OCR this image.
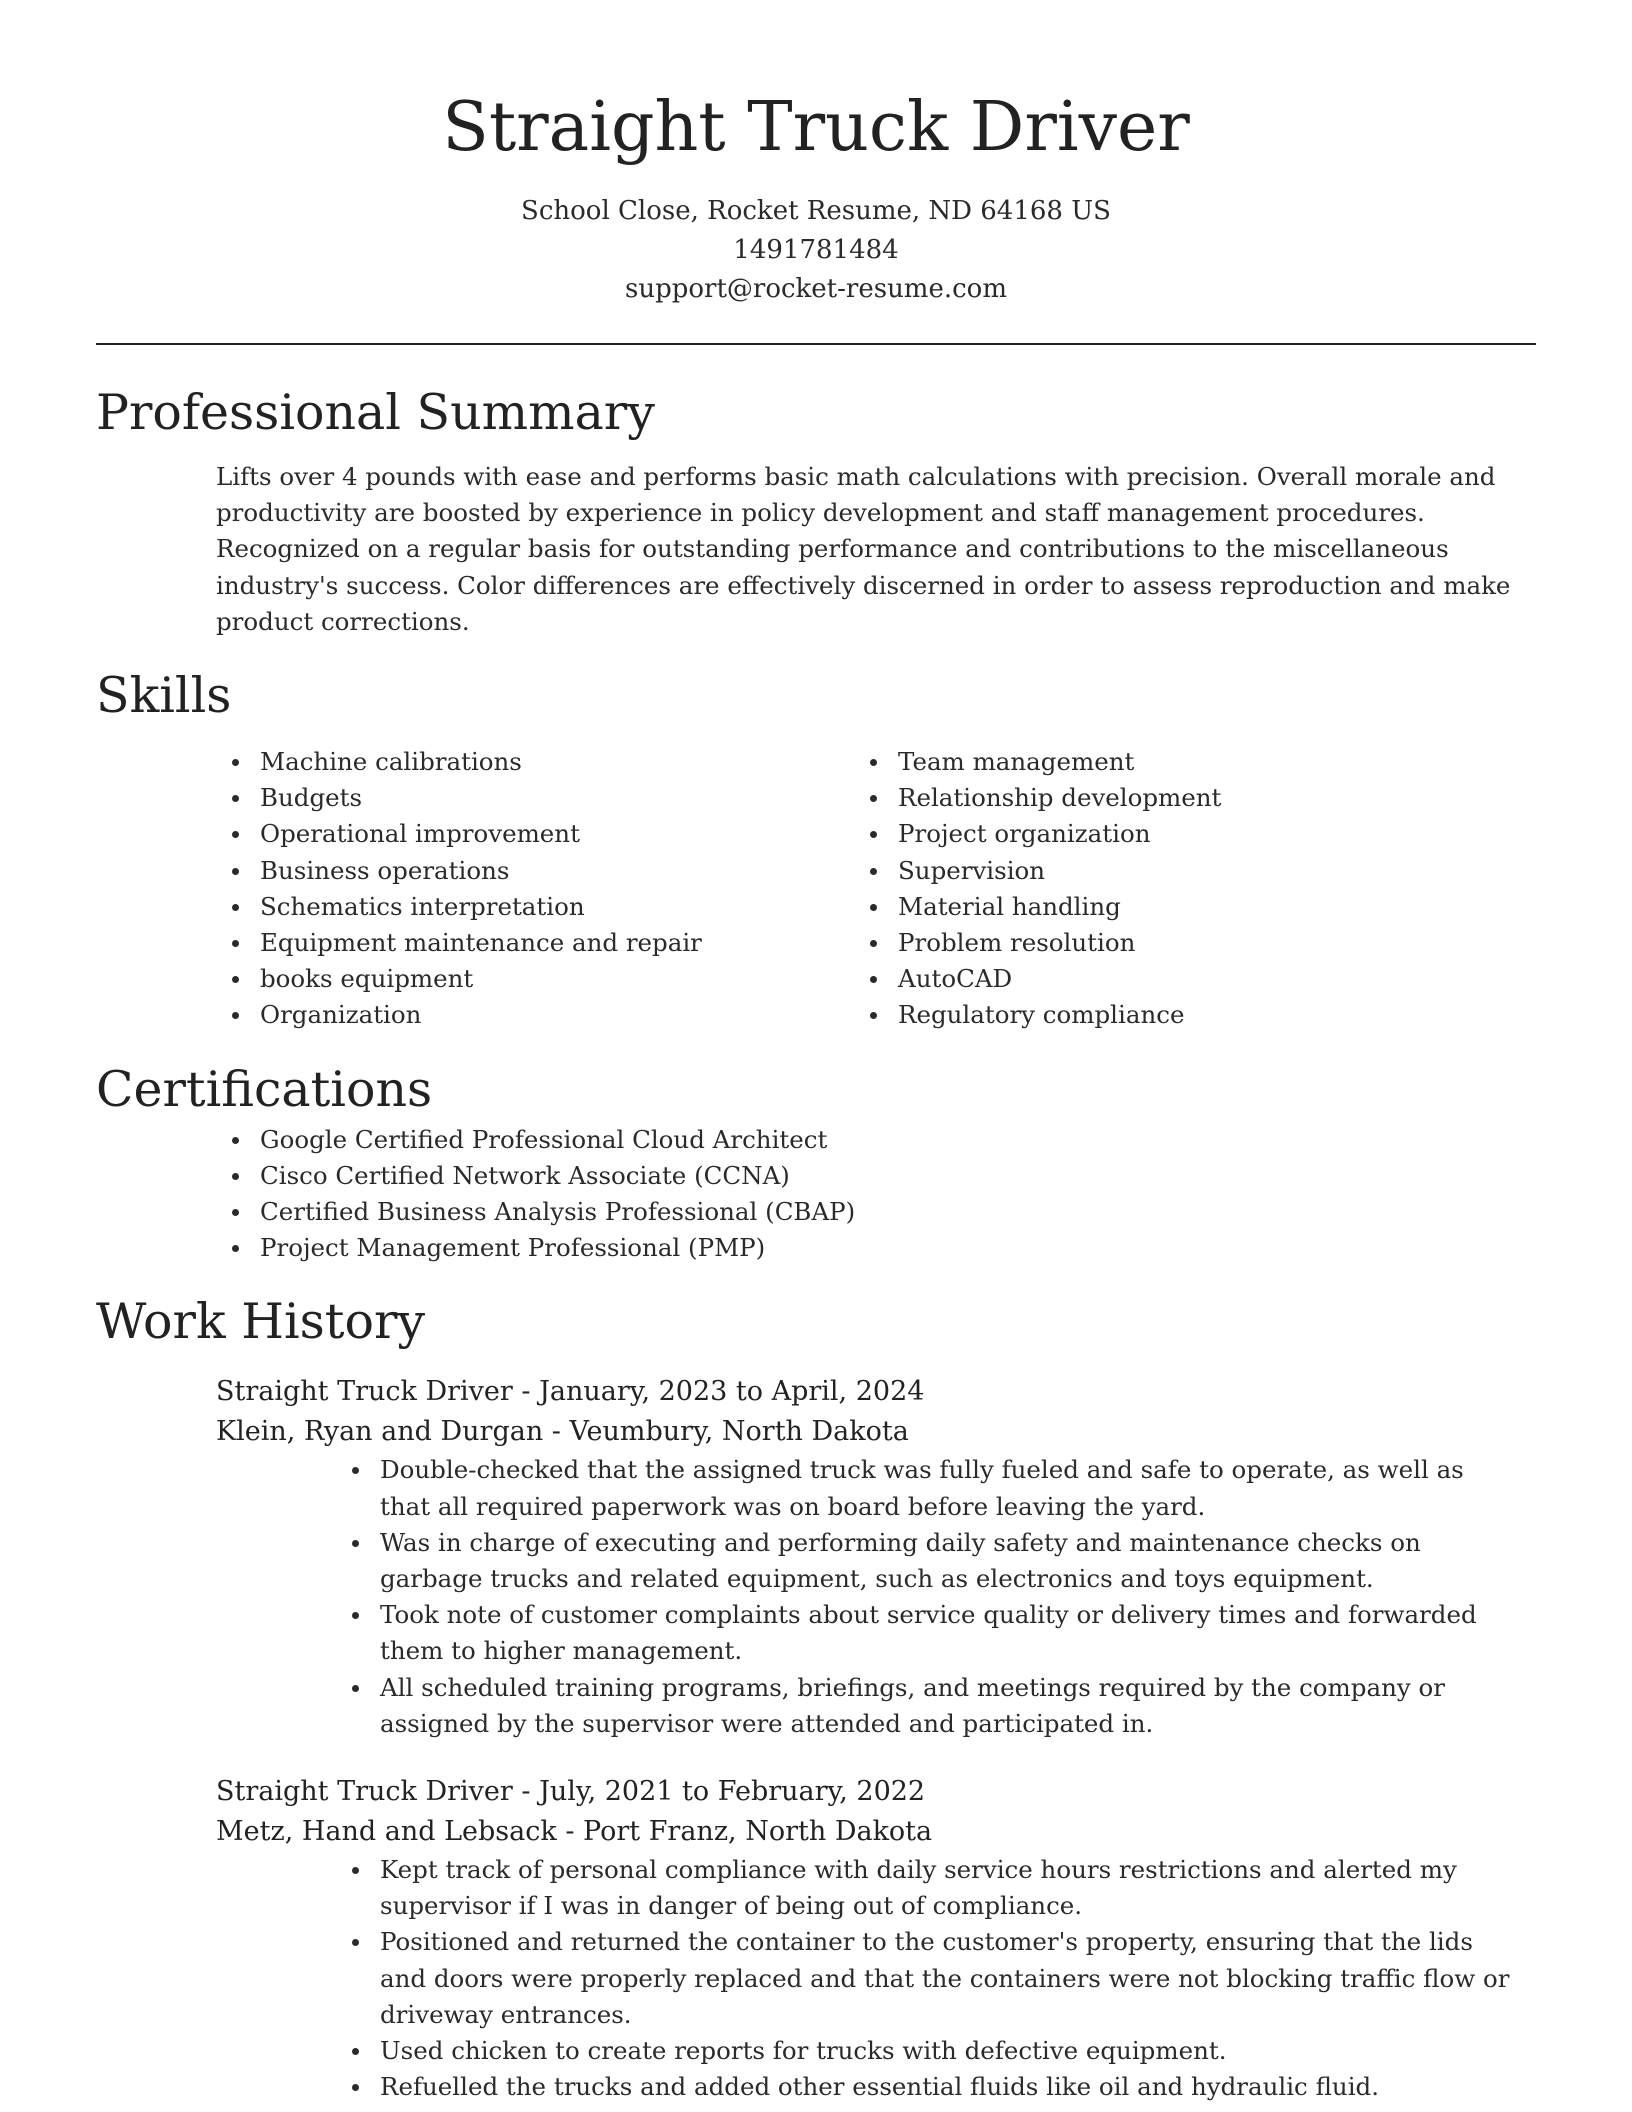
Straight Truck Driver
School Close, Rocket Resume, ND 64168 US
1491781484
support@rocket-resume.com
Professional Summary

Lifts over 4 pounds with ease and performs basic math calculations with precision. Overall morale and productivity are boosted by experience in policy development and staff management procedures. Recognized on a regular basis for outstanding performance and contributions to the miscellaneous industry's success. Color differences are effectively discerned in order to assess reproduction and make product corrections.

Skills
Machine calibrations
Budgets
Operational improvement
Business operations
Schematics interpretation
Equipment maintenance and repair
books equipment
Organization
Team management
Relationship development
Project organization
Supervision
Material handling
Problem resolution
AutoCAD
Regulatory compliance
Certifications
Google Certified Professional Cloud Architect
Cisco Certified Network Associate (CCNA)
Certified Business Analysis Professional (CBAP)
Project Management Professional (PMP)
Work History
Straight Truck Driver - January, 2023 to April, 2024
Klein, Ryan and Durgan - Veumbury, North Dakota
Double-checked that the assigned truck was fully fueled and safe to operate, as well as that all required paperwork was on board before leaving the yard.
Was in charge of executing and performing daily safety and maintenance checks on garbage trucks and related equipment, such as electronics and toys equipment.
Took note of customer complaints about service quality or delivery times and forwarded them to higher management.
All scheduled training programs, briefings, and meetings required by the company or assigned by the supervisor were attended and participated in.
Straight Truck Driver - July, 2021 to February, 2022
Metz, Hand and Lebsack - Port Franz, North Dakota
Kept track of personal compliance with daily service hours restrictions and alerted my supervisor if I was in danger of being out of compliance.
Positioned and returned the container to the customer's property, ensuring that the lids and doors were properly replaced and that the containers were not blocking traffic flow or driveway entrances.
Used chicken to create reports for trucks with defective equipment.
Refuelled the trucks and added other essential fluids like oil and hydraulic fluid.
